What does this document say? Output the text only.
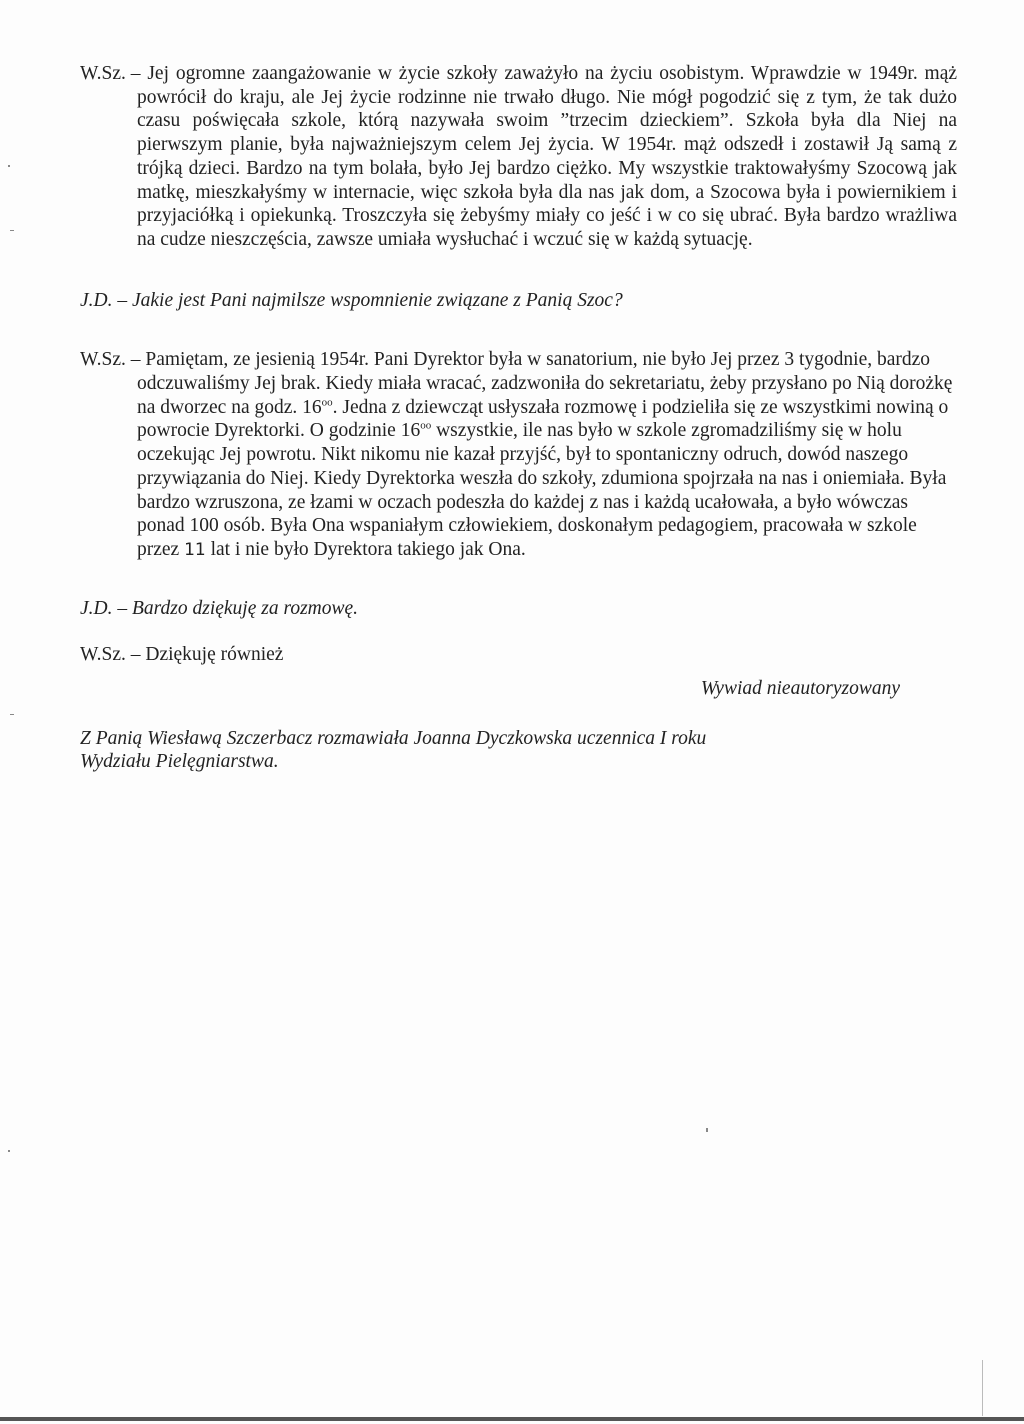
W.Sz. – Jej ogromne zaangażowanie w życie szkoły zaważyło na życiu osobistym. Wprawdzie w 1949r. mąż powrócił do kraju, ale Jej życie rodzinne nie trwało długo. Nie mógł pogodzić się z tym, że tak dużo czasu poświęcała szkole, którą nazywała swoim ”trzecim dzieckiem”. Szkoła była dla Niej na pierwszym planie, była najważniejszym celem Jej życia. W 1954r. mąż odszedł i zostawił Ją samą z trójką dzieci. Bardzo na tym bolała, było Jej bardzo ciężko. My wszystkie traktowałyśmy Szocową jak matkę, mieszkałyśmy w internacie, więc szkoła była dla nas jak dom, a Szocowa była i powiernikiem i przyjaciółką i opiekunką. Troszczyła się żebyśmy miały co jeść i w co się ubrać. Była bardzo wrażliwa na cudze nieszczęścia, zawsze umiała wysłuchać i wczuć się w każdą sytuację.

J.D. – Jakie jest Pani najmilsze wspomnienie związane z Panią Szoc?

W.Sz. – Pamiętam, ze jesienią 1954r. Pani Dyrektor była w sanatorium, nie było Jej przez 3 tygodnie, bardzo odczuwaliśmy Jej brak. Kiedy miała wracać, zadzwoniła do sekretariatu, żeby przysłano po Nią dorożkę na dworzec na godz. $16^{oo}$. Jedna z dziewcząt usłyszała rozmowę i podzieliła się ze wszystkimi nowiną o powrocie Dyrektorki. O godzinie $16^{oo}$ wszystkie, ile nas było w szkole zgromadziliśmy się w holu oczekując Jej powrotu. Nikt nikomu nie kazał przyjść, był to spontaniczny odruch, dowód naszego przywiązania do Niej. Kiedy Dyrektorka weszła do szkoły, zdumiona spojrzała na nas i oniemiała. Była bardzo wzruszona, ze łzami w oczach podeszła do każdej z nas i każdą ucałowała, a było wówczas ponad 100 osób. Była Ona wspaniałym człowiekiem, doskonałym pedagogiem, pracowała w szkole przez 11 lat i nie było Dyrektora takiego jak Ona.

J.D. – Bardzo dziękuję za rozmowę.

W.Sz. – Dziękuję również

Wywiad nieautoryzowany

Z Panią Wiesławą Szczerbacz rozmawiała Joanna Dyczkowska uczennica I roku Wydziału Pielęgniarstwa.
